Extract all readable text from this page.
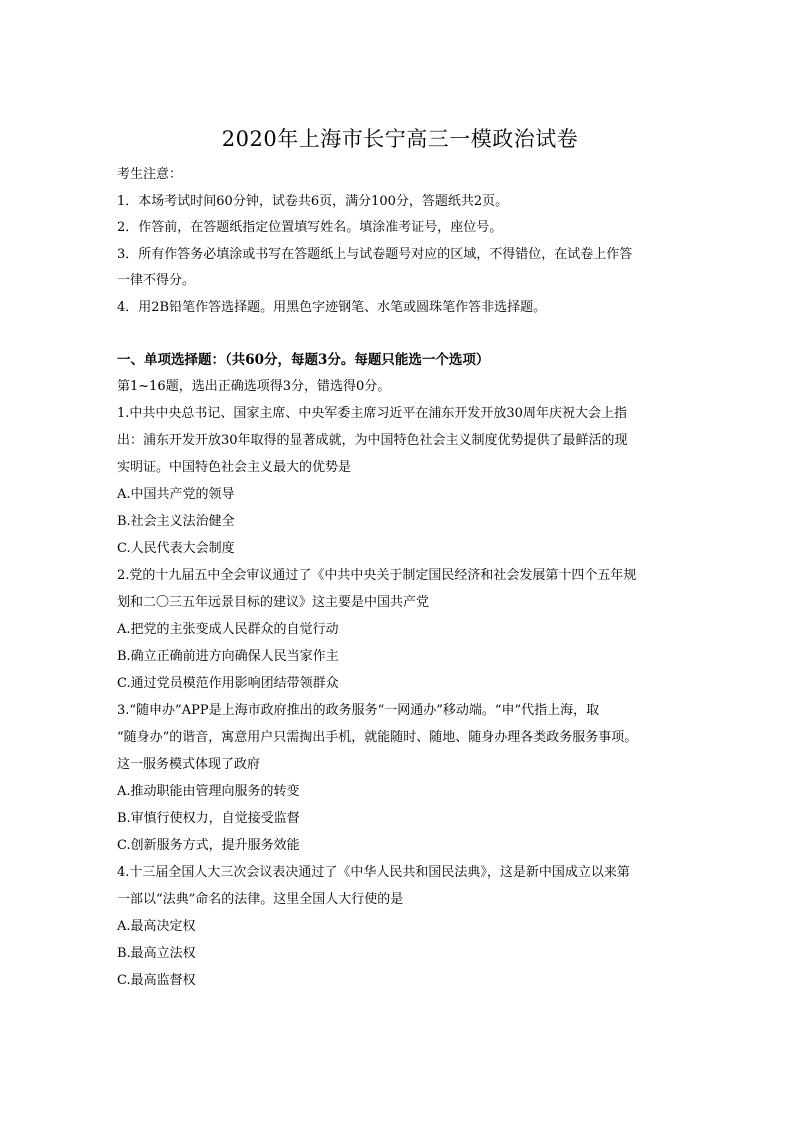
2020年上海市长宁高三一模政治试卷
考生注意：
1．本场考试时间60分钟，试卷共6页，满分100分，答题纸共2页。
2．作答前，在答题纸指定位置填写姓名。填涂准考证号，座位号。
3．所有作答务必填涂或书写在答题纸上与试卷题号对应的区域，不得错位，在试卷上作答
一律不得分。
4．用2B铅笔作答选择题。用黑色字迹钢笔、水笔或圆珠笔作答非选择题。
一、单项选择题：（共60分，每题3分。每题只能选一个选项）
第1~16题，选出正确选项得3分，错选得0分。
1.中共中央总书记、国家主席、中央军委主席习近平在浦东开发开放30周年庆祝大会上指
出：浦东开发开放30年取得的显著成就，为中国特色社会主义制度优势提供了最鲜活的现
实明证。中国特色社会主义最大的优势是
A.中国共产党的领导
B.社会主义法治健全
C.人民代表大会制度
2.党的十九届五中全会审议通过了《中共中央关于制定国民经济和社会发展第十四个五年规
划和二〇三五年远景目标的建议》这主要是中国共产党
A.把党的主张变成人民群众的自觉行动
B.确立正确前进方向确保人民当家作主
C.通过党员模范作用影响团结带领群众
3.“随申办”APP是上海市政府推出的政务服务“一网通办”移动端。“申”代指上海，取
“随身办”的谐音，寓意用户只需掏出手机，就能随时、随地、随身办理各类政务服务事项。
这一服务模式体现了政府
A.推动职能由管理向服务的转变
B.审慎行使权力，自觉接受监督
C.创新服务方式，提升服务效能
4.十三届全国人大三次会议表决通过了《中华人民共和国民法典》，这是新中国成立以来第
一部以“法典”命名的法律。这里全国人大行使的是
A.最高决定权
B.最高立法权
C.最高监督权
